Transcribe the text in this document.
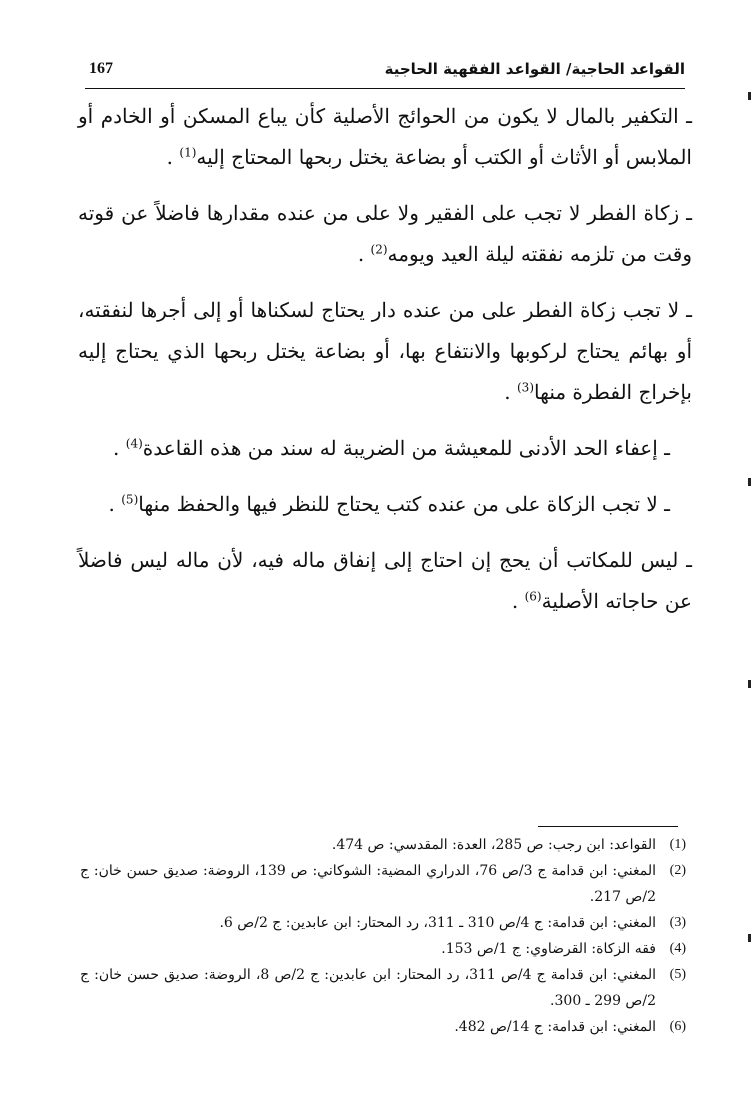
167	القواعد الحاجية/ القواعد الفقهية الحاجية

ـ التكفير بالمال لا يكون من الحوائج الأصلية كأن يباع المسكن أو الخادم أو الملابس أو الأثاث أو الكتب أو بضاعة يختل ربحها المحتاج إليه$^{(1)}$ .

ـ زكاة الفطر لا تجب على الفقير ولا على من عنده مقدارها فاضلاً عن قوته وقت من تلزمه نفقته ليلة العيد ويومه$^{(2)}$ .

ـ لا تجب زكاة الفطر على من عنده دار يحتاج لسكناها أو إلى أجرها لنفقته، أو بهائم يحتاج لركوبها والانتفاع بها، أو بضاعة يختل ربحها الذي يحتاج إليه بإخراج الفطرة منها$^{(3)}$ .

ـ إعفاء الحد الأدنى للمعيشة من الضريبة له سند من هذه القاعدة$^{(4)}$ .

ـ لا تجب الزكاة على من عنده كتب يحتاج للنظر فيها والحفظ منها$^{(5)}$ .

ـ ليس للمكاتب أن يحج إن احتاج إلى إنفاق ماله فيه، لأن ماله ليس فاضلاً عن حاجاته الأصلية$^{(6)}$ .

(1)
القواعد: ابن رجب: ص 285، العدة: المقدسي: ص 474.
(2)
المغني: ابن قدامة ج 3/ص 76، الدراري المضية: الشوكاني: ص 139، الروضة: صديق حسن خان: ج 2/ص 217.
(3)
المغني: ابن قدامة: ج 4/ص 310 ـ 311، رد المحتار: ابن عابدين: ج 2/ص 6.
(4)
فقه الزكاة: القرضاوي: ج 1/ص 153.
(5)
المغني: ابن قدامة ج 4/ص 311، رد المحتار: ابن عابدين: ج 2/ص 8، الروضة: صديق حسن خان: ج 2/ص 299 ـ 300.
(6)
المغني: ابن قدامة: ج 14/ص 482.
